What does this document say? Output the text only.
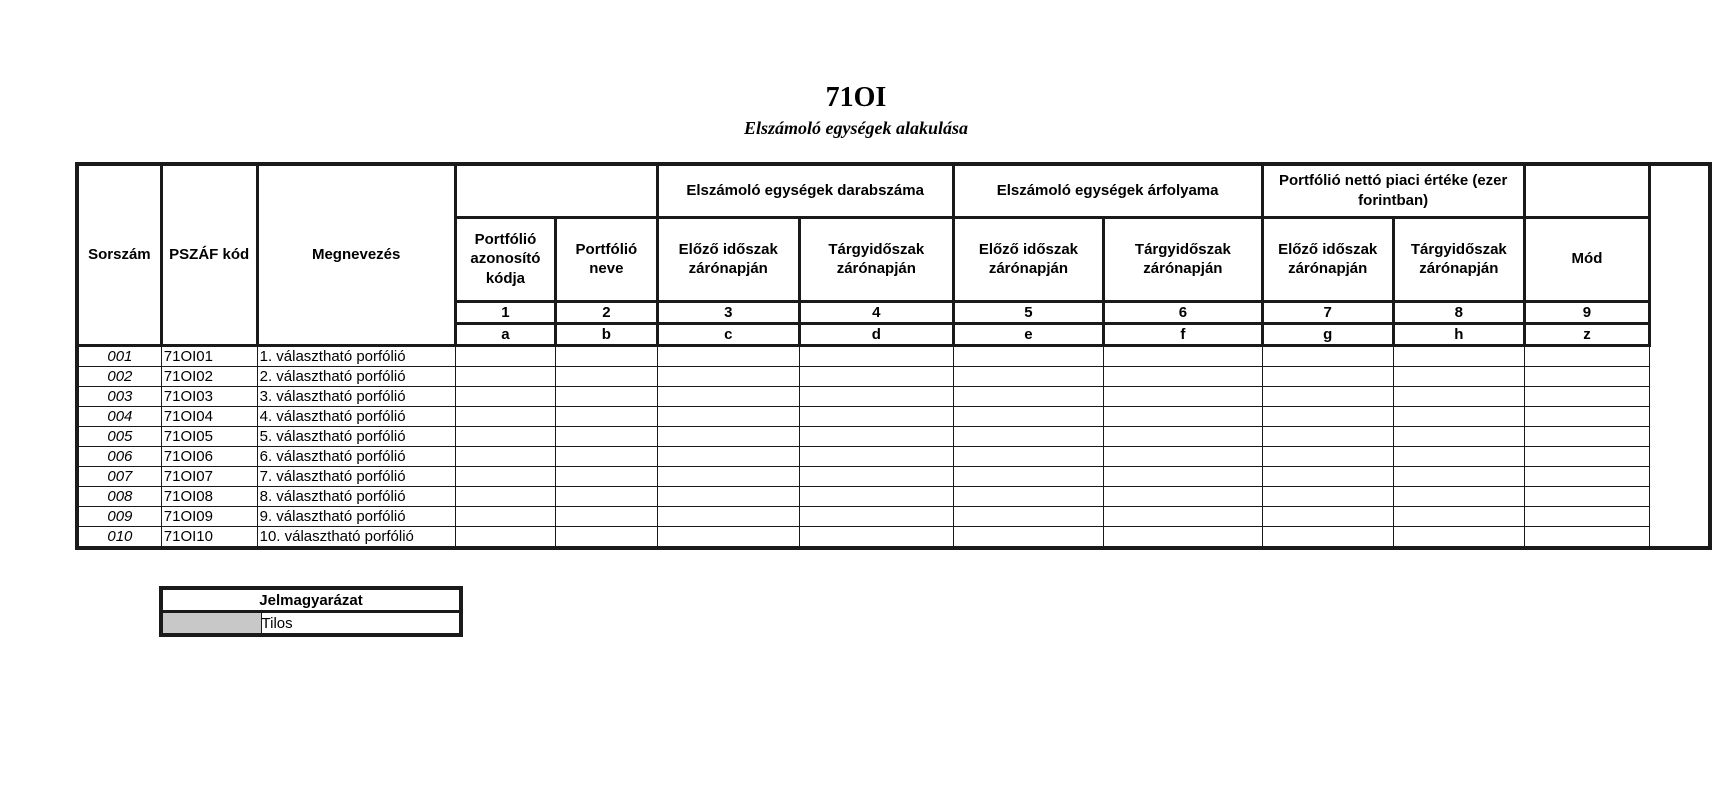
71OI
Elszámoló egységek alakulása
Sorszám	PSZÁF kód	Megnevezés			Elszámoló egységek darabszáma		Elszámoló egységek árfolyama		Portfólió nettó piaci értéke (ezer forintban)		
			Portfólió azonosító kódja	Portfólió neve	Előző időszak zárónapján	Tárgyidőszak zárónapján	Előző időszak zárónapján	Tárgyidőszak zárónapján	Előző időszak zárónapján	Tárgyidőszak zárónapján	Mód
			1	2	3	4	5	6	7	8	9
			a	b	c	d	e	f	g	h	z
001	71OI01	1. választható porfólió									
002	71OI02	2. választható porfólió									
003	71OI03	3. választható porfólió									
004	71OI04	4. választható porfólió									
005	71OI05	5. választható porfólió									
006	71OI06	6. választható porfólió									
007	71OI07	7. választható porfólió									
008	71OI08	8. választható porfólió									
009	71OI09	9. választható porfólió									
010	71OI10	10. választható porfólió									
Jelmagyarázat
	Tilos
